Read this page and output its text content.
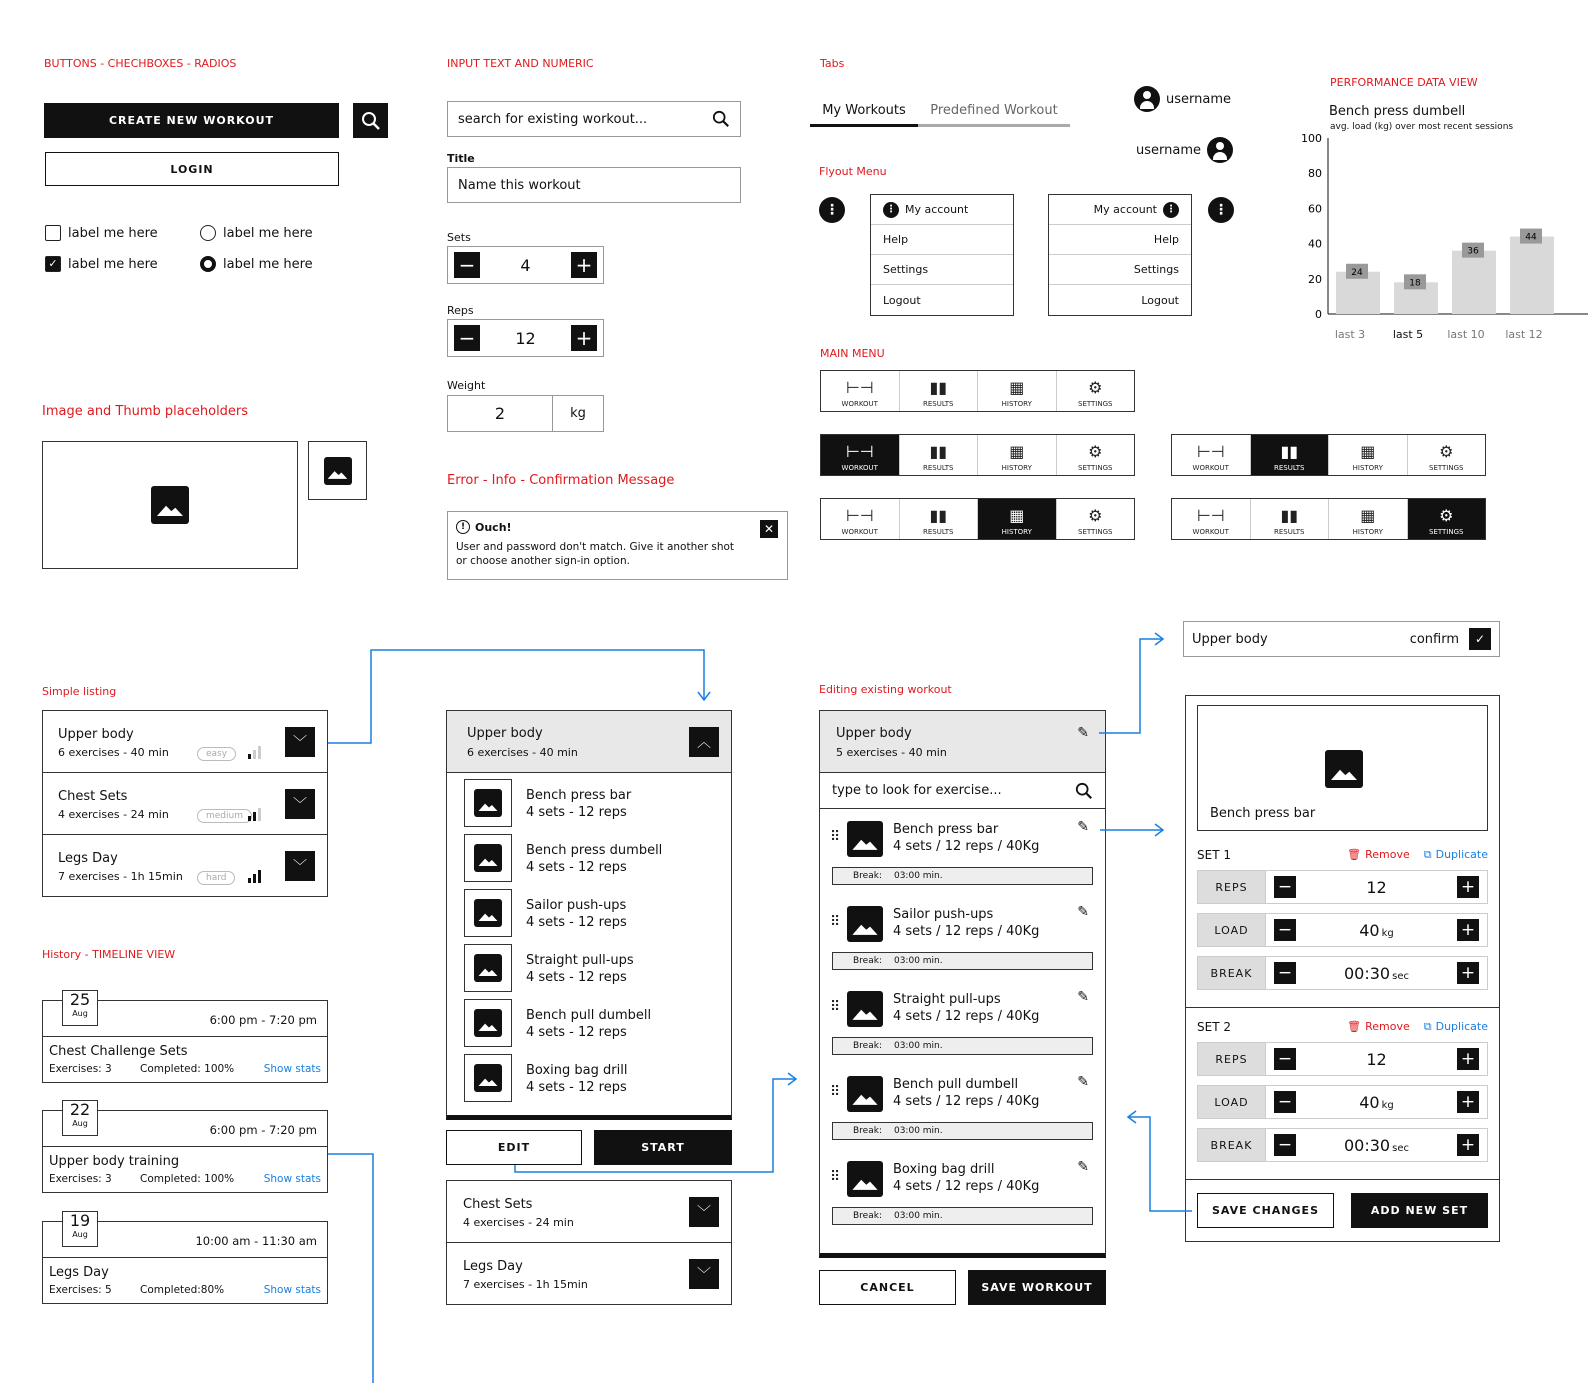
BUTTONS - CHECHBOXES - RADIOS	INPUT TEXT AND NUMERIC	Tabs
Flyout Menu
MAIN MENU
Image and Thumb placeholders
Error - Info - Confirmation Message
Simple listing
History - TIMELINE VIEW
Editing existing workout
PERFORMANCE DATA VIEW
CREATE NEW WORKOUT
LOGIN
label me here
✓ label me here
label me here
label me here
search for existing workout...
Title
Name this workout
Sets
−	4 +
Reps
− 12 +
Weight
2	kg
! Ouch!
User and password don't match. Give it another shot or choose another sign-in option.
✕
My Workouts	Predefined Workout
username
username
⋮	⋮ My account
Help
Settings
Logout
My account ⋮
Help
Settings
Logout
⋮
⊢⊣
WORKOUT
▮▮
RESULTS
▦
HISTORY
⚙
SETTINGS
⊢⊣
WORKOUT
▮▮
RESULTS
▦
HISTORY
⚙
SETTINGS
⊢⊣
WORKOUT
▮▮
RESULTS
▦
HISTORY
⚙
SETTINGS
⊢⊣
WORKOUT
▮▮
RESULTS
▦
HISTORY
⚙
SETTINGS
⊢⊣
WORKOUT
▮▮
RESULTS
▦
HISTORY
⚙
SETTINGS
Bench press dumbell
avg. load (kg) over most recent sessions
0
20
40
60
80
100
24
last 3
18
last 5
36
last 10
44
last 12
Upper body
6 exercises - 40 min	easy
﹀
Chest Sets
4 exercises - 24 min	medium
﹀
Legs Day
7 exercises - 1h 15min	hard
﹀
25
Aug	6:00 pm - 7:20 pm
Chest Challenge Sets
Exercises: 3	Completed: 100%	Show stats
22
Aug	6:00 pm - 7:20 pm
Upper body training
Exercises: 3	Completed: 100%	Show stats
19
Aug	10:00 am - 11:30 am
Legs Day
Exercises: 5	Completed:80%	Show stats
Upper body
6 exercises - 40 min
︿
Bench press bar
4 sets - 12 reps
Bench press dumbell
4 sets - 12 reps
Sailor push-ups
4 sets - 12 reps
Straight pull-ups
4 sets - 12 reps
Bench pull dumbell
4 sets - 12 reps
Boxing bag drill
4 sets - 12 reps
EDIT	START
Chest Sets
4 exercises - 24 min
﹀
Legs Day
7 exercises - 1h 15min
﹀
Upper body
5 exercises - 40 min
✎
type to look for exercise...
⠿	Bench press bar
4 sets / 12 reps / 40Kg
✎
Break: 03:00 min.
⠿	Sailor push-ups
4 sets / 12 reps / 40Kg
✎
Break: 03:00 min.
⠿	Straight pull-ups
4 sets / 12 reps / 40Kg
✎
Break: 03:00 min.
⠿	Bench pull dumbell
4 sets / 12 reps / 40Kg
✎
Break: 03:00 min.
⠿	Boxing bag drill
4 sets / 12 reps / 40Kg
✎
Break: 03:00 min.
CANCEL	SAVE WORKOUT
Upper body	confirm	✓
Bench press bar
SET 1	🗑 Remove ⧉ Duplicate
REPS	−	12	+
LOAD	−	40 kg	+
BREAK	−	00:30 sec	+
SET 2	🗑 Remove ⧉ Duplicate
REPS	−	12	+
LOAD	−	40 kg	+
BREAK	−	00:30 sec	+
SAVE CHANGES	ADD NEW SET
